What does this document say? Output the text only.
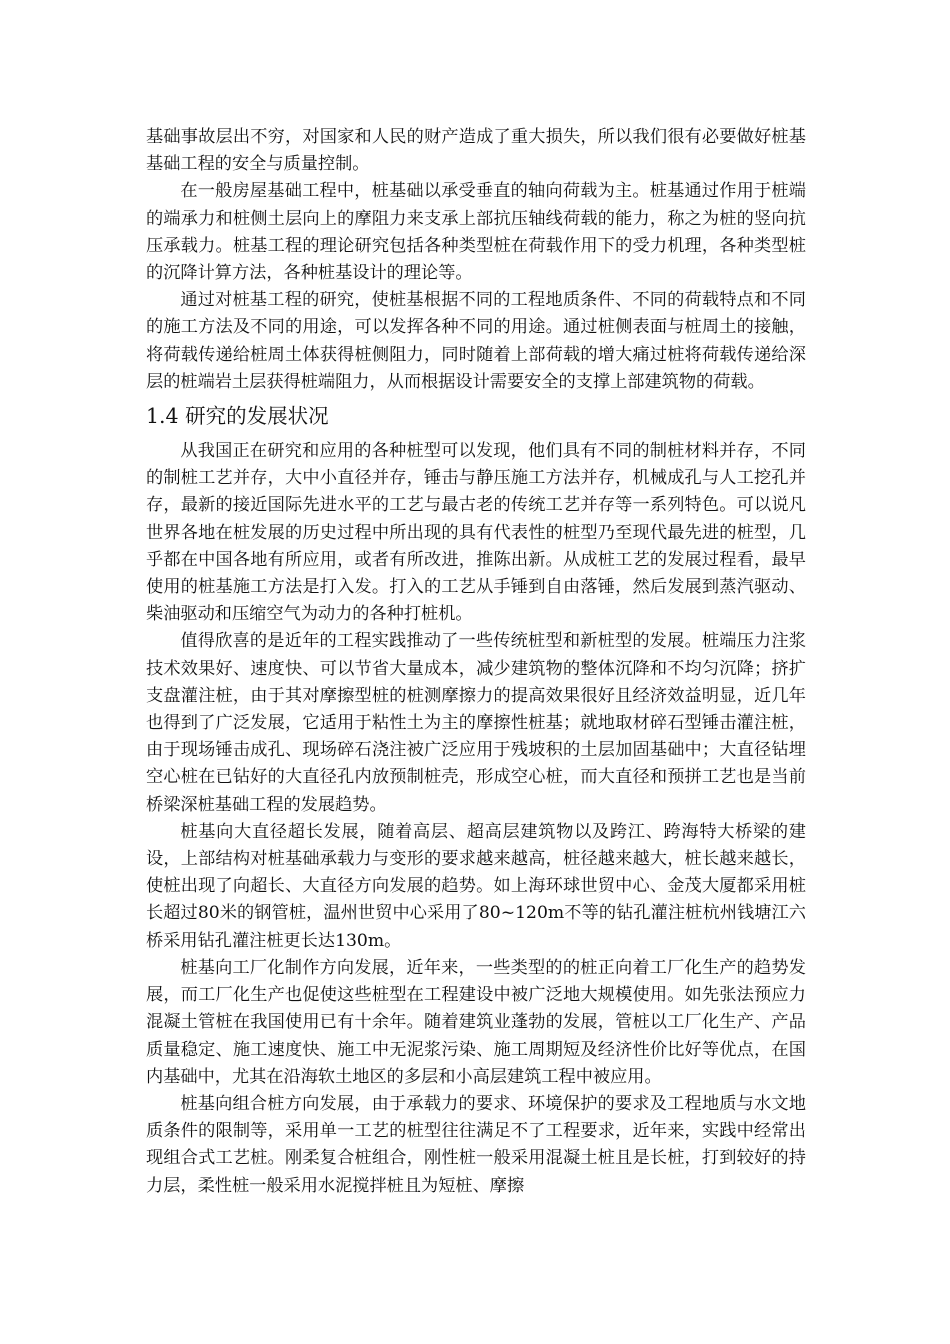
基础事故层出不穷，对国家和人民的财产造成了重大损失，所以我们很有必要做好桩基基础工程的安全与质量控制。

在一般房屋基础工程中，桩基础以承受垂直的轴向荷载为主。桩基通过作用于桩端的端承力和桩侧土层向上的摩阻力来支承上部抗压轴线荷载的能力，称之为桩的竖向抗压承载力。桩基工程的理论研究包括各种类型桩在荷载作用下的受力机理，各种类型桩的沉降计算方法，各种桩基设计的理论等。

通过对桩基工程的研究，使桩基根据不同的工程地质条件、不同的荷载特点和不同的施工方法及不同的用途，可以发挥各种不同的用途。通过桩侧表面与桩周土的接触，将荷载传递给桩周土体获得桩侧阻力，同时随着上部荷载的增大痛过桩将荷载传递给深层的桩端岩土层获得桩端阻力，从而根据设计需要安全的支撑上部建筑物的荷载。

1.4 研究的发展状况

从我国正在研究和应用的各种桩型可以发现，他们具有不同的制桩材料并存，不同的制桩工艺并存，大中小直径并存，锤击与静压施工方法并存，机械成孔与人工挖孔并存，最新的接近国际先进水平的工艺与最古老的传统工艺并存等一系列特色。可以说凡世界各地在桩发展的历史过程中所出现的具有代表性的桩型乃至现代最先进的桩型，几乎都在中国各地有所应用，或者有所改进，推陈出新。从成桩工艺的发展过程看，最早使用的桩基施工方法是打入发。打入的工艺从手锤到自由落锤，然后发展到蒸汽驱动、柴油驱动和压缩空气为动力的各种打桩机。

值得欣喜的是近年的工程实践推动了一些传统桩型和新桩型的发展。桩端压力注浆技术效果好、速度快、可以节省大量成本，减少建筑物的整体沉降和不均匀沉降；挤扩支盘灌注桩，由于其对摩擦型桩的桩测摩擦力的提高效果很好且经济效益明显，近几年也得到了广泛发展，它适用于粘性土为主的摩擦性桩基；就地取材碎石型锤击灌注桩，由于现场锤击成孔、现场碎石浇注被广泛应用于残坡积的土层加固基础中；大直径钻埋空心桩在已钻好的大直径孔内放预制桩壳，形成空心桩，而大直径和预拼工艺也是当前桥梁深桩基础工程的发展趋势。

桩基向大直径超长发展，随着高层、超高层建筑物以及跨江、跨海特大桥梁的建设，上部结构对桩基础承载力与变形的要求越来越高，桩径越来越大，桩长越来越长，使桩出现了向超长、大直径方向发展的趋势。如上海环球世贸中心、金茂大厦都采用桩长超过80米的钢管桩，温州世贸中心采用了80~120m不等的钻孔灌注桩杭州钱塘江六桥采用钻孔灌注桩更长达130m。

桩基向工厂化制作方向发展，近年来，一些类型的的桩正向着工厂化生产的趋势发展，而工厂化生产也促使这些桩型在工程建设中被广泛地大规模使用。如先张法预应力混凝土管桩在我国使用已有十余年。随着建筑业蓬勃的发展，管桩以工厂化生产、产品质量稳定、施工速度快、施工中无泥浆污染、施工周期短及经济性价比好等优点，在国内基础中，尤其在沿海软土地区的多层和小高层建筑工程中被应用。

桩基向组合桩方向发展，由于承载力的要求、环境保护的要求及工程地质与水文地质条件的限制等，采用单一工艺的桩型往往满足不了工程要求，近年来，实践中经常出现组合式工艺桩。刚柔复合桩组合，刚性桩一般采用混凝土桩且是长桩，打到较好的持力层，柔性桩一般采用水泥搅拌桩且为短桩、摩擦
